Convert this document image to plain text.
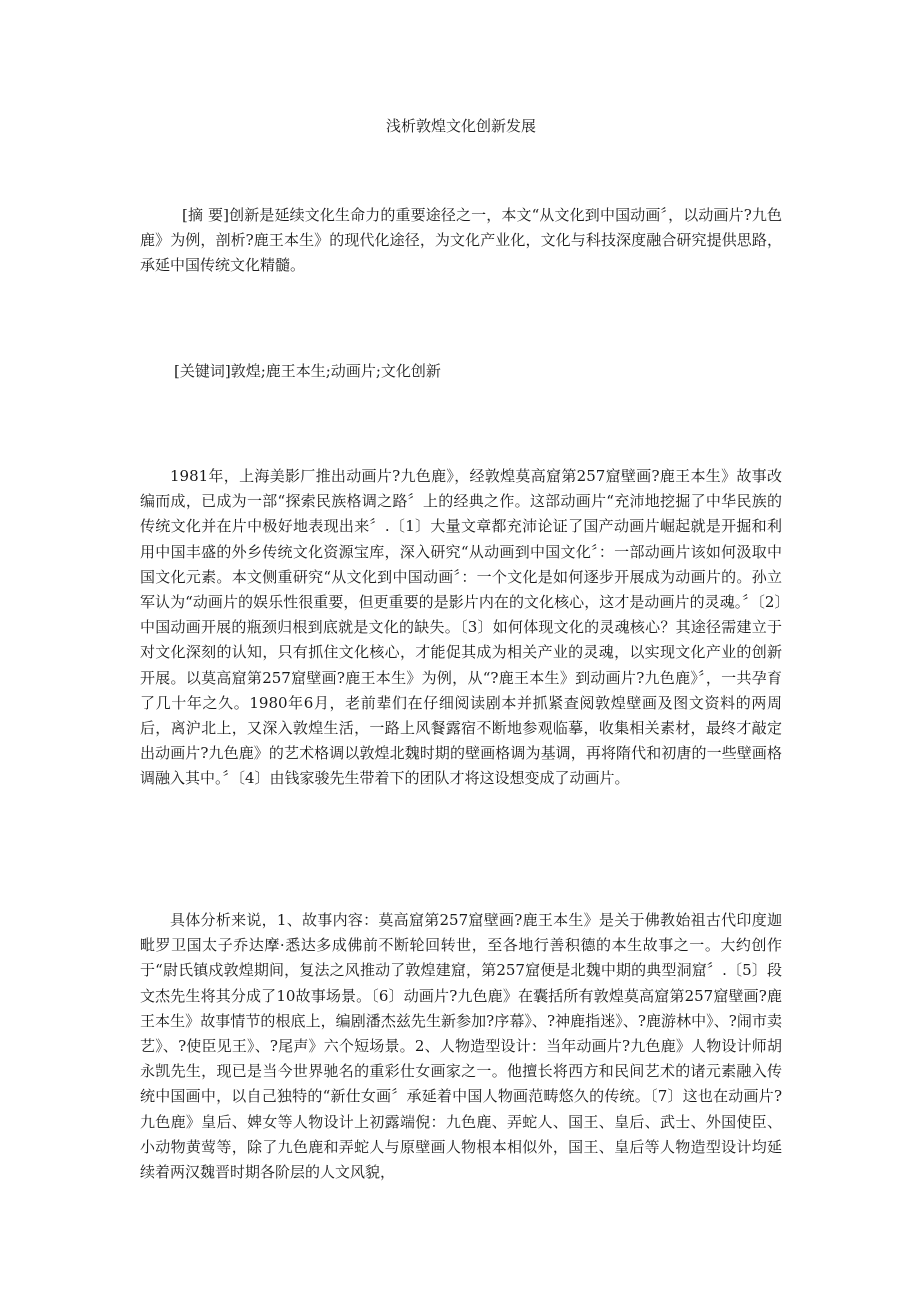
浅析敦煌文化创新发展

[摘 要]创新是延续文化生命力的重要途径之一，本文“从文化到中国动画〞，以动画片?九色鹿》为例，剖析?鹿王本生》的现代化途径，为文化产业化，文化与科技深度融合研究提供思路，承延中国传统文化精髓。

[关键词]敦煌;鹿王本生;动画片;文化创新

1981年，上海美影厂推出动画片?九色鹿》，经敦煌莫高窟第257窟壁画?鹿王本生》故事改编而成，已成为一部“探索民族格调之路〞上的经典之作。这部动画片“充沛地挖掘了中华民族的传统文化并在片中极好地表现出来〞.〔1〕大量文章都充沛论证了国产动画片崛起就是开掘和利用中国丰盛的外乡传统文化资源宝库，深入研究“从动画到中国文化〞：一部动画片该如何汲取中国文化元素。本文侧重研究“从文化到中国动画〞：一个文化是如何逐步开展成为动画片的。孙立军认为“动画片的娱乐性很重要，但更重要的是影片内在的文化核心，这才是动画片的灵魂。〞〔2〕中国动画开展的瓶颈归根到底就是文化的缺失。〔3〕如何体现文化的灵魂核心？其途径需建立于对文化深刻的认知，只有抓住文化核心，才能促其成为相关产业的灵魂，以实现文化产业的创新开展。以莫高窟第257窟壁画?鹿王本生》为例，从“?鹿王本生》到动画片?九色鹿》〞，一共孕育了几十年之久。1980年6月，老前辈们在仔细阅读剧本并抓紧查阅敦煌壁画及图文资料的两周后，离沪北上，又深入敦煌生活，一路上风餐露宿不断地参观临摹，收集相关素材，最终才敲定出动画片?九色鹿》的艺术格调以敦煌北魏时期的壁画格调为基调，再将隋代和初唐的一些壁画格调融入其中。〞〔4〕由钱家骏先生带着下的团队才将这设想变成了动画片。

具体分析来说，1、故事内容：莫高窟第257窟壁画?鹿王本生》是关于佛教始祖古代印度迦毗罗卫国太子乔达摩·悉达多成佛前不断轮回转世，至各地行善积德的本生故事之一。大约创作于“尉氏镇戍敦煌期间，复法之风推动了敦煌建窟，第257窟便是北魏中期的典型洞窟〞.〔5〕段文杰先生将其分成了10故事场景。〔6〕动画片?九色鹿》在囊括所有敦煌莫高窟第257窟壁画?鹿王本生》故事情节的根底上，编剧潘杰兹先生新参加?序幕》、?神鹿指迷》、?鹿游林中》、?闹市卖艺》、?使臣见王》、?尾声》六个短场景。2、人物造型设计：当年动画片?九色鹿》人物设计师胡永凯先生，现已是当今世界驰名的重彩仕女画家之一。他擅长将西方和民间艺术的诸元素融入传统中国画中，以自己独特的“新仕女画〞承延着中国人物画范畴悠久的传统。〔7〕这也在动画片?九色鹿》皇后、婢女等人物设计上初露端倪：九色鹿、弄蛇人、国王、皇后、武士、外国使臣、小动物黄莺等，除了九色鹿和弄蛇人与原壁画人物根本相似外，国王、皇后等人物造型设计均延续着两汉魏晋时期各阶层的人文风貌，
